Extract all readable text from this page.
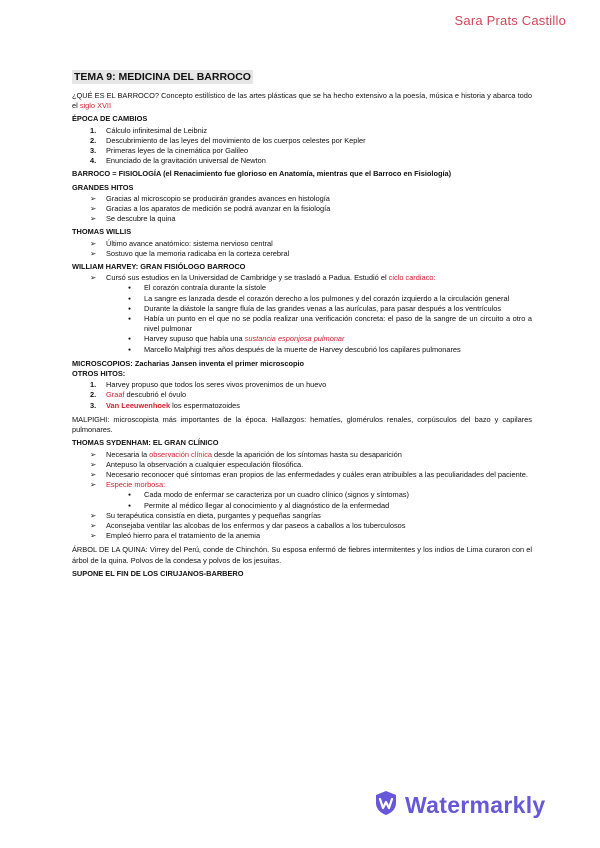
Sara Prats Castillo
TEMA 9: MEDICINA DEL BARROCO

¿QUÉ ES EL BARROCO? Concepto estilístico de las artes plásticas que se ha hecho extensivo a la poesía, música e historia y abarca todo el siglo XVII

ÉPOCA DE CAMBIOS

1. Cálculo infinitesimal de Leibniz
2. Descubrimiento de las leyes del movimiento de los cuerpos celestes por Kepler
3. Primeras leyes de la cinemática por Galileo
4. Enunciado de la gravitación universal de Newton

BARROCO = FISIOLOGÍA (el Renacimiento fue glorioso en Anatomía, mientras que el Barroco en Fisiología)

GRANDES HITOS

➢ Gracias al microscopio se producirán grandes avances en histología
➢ Gracias a los aparatos de medición se podrá avanzar en la fisiología
➢ Se descubre la quina

THOMAS WILLIS

➢ Último avance anatómico: sistema nervioso central
➢ Sostuvo que la memoria radicaba en la corteza cerebral

WILLIAM HARVEY: GRAN FISIÓLOGO BARROCO

➢ Cursó sus estudios en la Universidad de Cambridge y se trasladó a Padua. Estudió el ciclo cardiaco:
● El corazón contraía durante la sístole
● La sangre es lanzada desde el corazón derecho a los pulmones y del corazón izquierdo a la circulación general
● Durante la diástole la sangre fluía de las grandes venas a las aurículas, para pasar después a los ventrículos
● Había un punto en el que no se podía realizar una verificación concreta: el paso de la sangre de un circuito a otro a nivel pulmonar
● Harvey supuso que había una sustancia esponjosa pulmonar
● Marcello Malphigi tres años después de la muerte de Harvey descubrió los capilares pulmonares

MICROSCOPIOS: Zacharias Jansen inventa el primer microscopio

OTROS HITOS:

1. Harvey propuso que todos los seres vivos provenimos de un huevo
2. Graaf descubrió el óvulo
3. Van Leeuwenhoek los espermatozoides

MALPIGHI: microscopista más importantes de la época. Hallazgos: hematíes, glomérulos renales, corpúsculos del bazo y capilares pulmonares.

THOMAS SYDENHAM: EL GRAN CLÍNICO

➢ Necesaria la observación clínica desde la aparición de los síntomas hasta su desaparición
➢ Antepuso la observación a cualquier especulación filosófica.
➢ Necesario reconocer qué síntomas eran propios de las enfermedades y cuáles eran atribuibles a las peculiaridades del paciente.
➢ Especie morbosa:
● Cada modo de enfermar se caracteriza por un cuadro clínico (signos y síntomas)
● Permite al médico llegar al conocimiento y al diagnóstico de la enfermedad
➢ Su terapéutica consistía en dieta, purgantes y pequeñas sangrías
➢ Aconsejaba ventilar las alcobas de los enfermos y dar paseos a caballos a los tuberculosos
➢ Empleó hierro para el tratamiento de la anemia

ÁRBOL DE LA QUINA: Virrey del Perú, conde de Chinchón. Su esposa enfermó de fiebres intermitentes y los indios de Lima curaron con el árbol de la quina. Polvos de la condesa y polvos de los jesuitas.

SUPONE EL FIN DE LOS CIRUJANOS-BARBERO

Watermarkly
